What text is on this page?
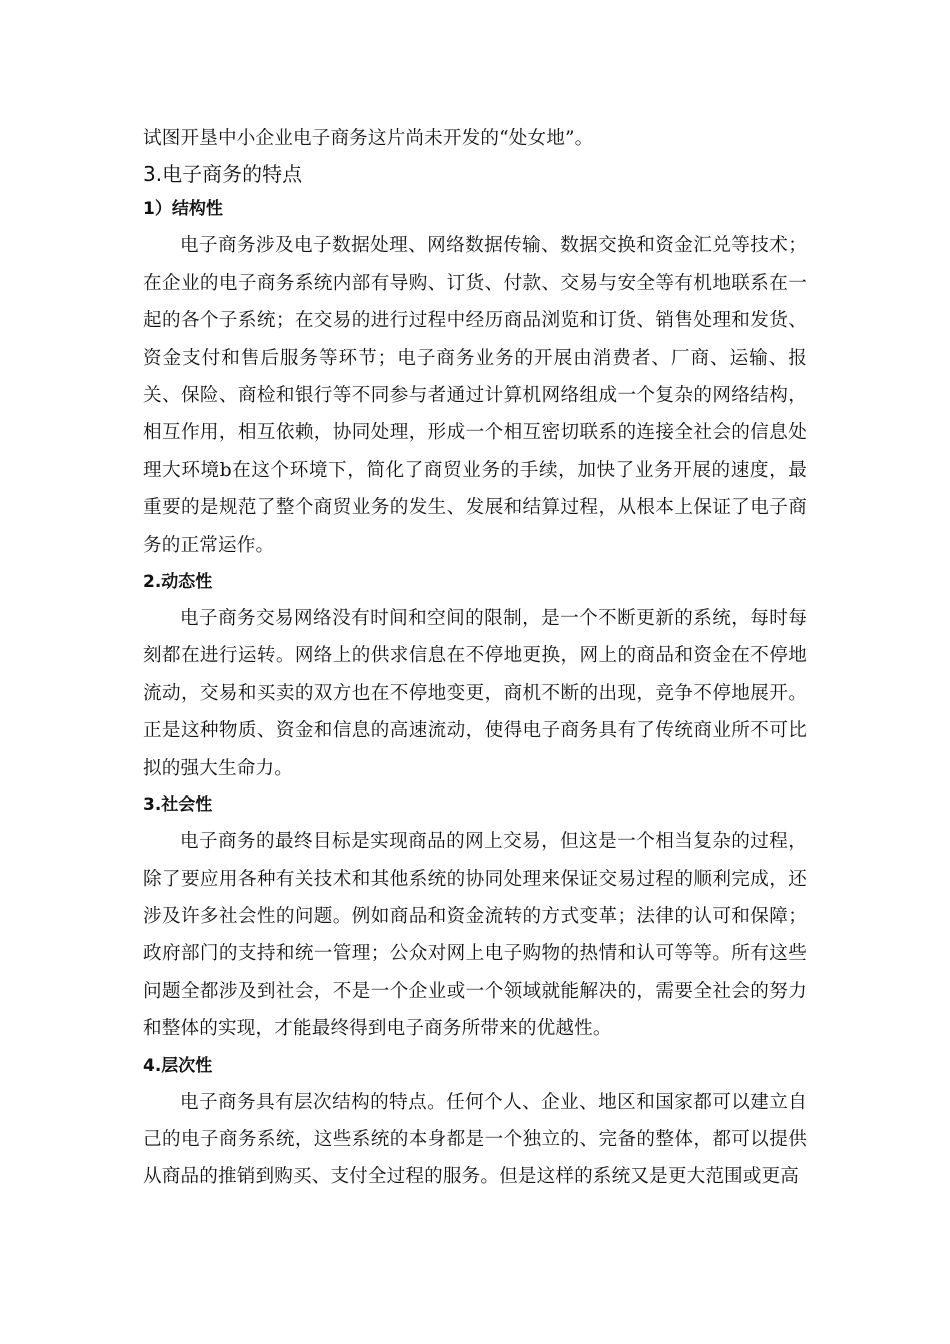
试图开垦中小企业电子商务这片尚未开发的“处女地”。

3.电子商务的特点
1）结构性

电子商务涉及电子数据处理、网络数据传输、数据交换和资金汇兑等技术；在企业的电子商务系统内部有导购、订货、付款、交易与安全等有机地联系在一起的各个子系统；在交易的进行过程中经历商品浏览和订货、销售处理和发货、资金支付和售后服务等环节；电子商务业务的开展由消费者、厂商、运输、报关、保险、商检和银行等不同参与者通过计算机网络组成一个复杂的网络结构，相互作用，相互依赖，协同处理，形成一个相互密切联系的连接全社会的信息处理大环境b在这个环境下，简化了商贸业务的手续，加快了业务开展的速度，最重要的是规范了整个商贸业务的发生、发展和结算过程，从根本上保证了电子商务的正常运作。

2.动态性

电子商务交易网络没有时间和空间的限制，是一个不断更新的系统，每时每刻都在进行运转。网络上的供求信息在不停地更换，网上的商品和资金在不停地流动，交易和买卖的双方也在不停地变更，商机不断的出现，竞争不停地展开。正是这种物质、资金和信息的高速流动，使得电子商务具有了传统商业所不可比拟的强大生命力。

3.社会性

电子商务的最终目标是实现商品的网上交易，但这是一个相当复杂的过程，除了要应用各种有关技术和其他系统的协同处理来保证交易过程的顺利完成，还涉及许多社会性的问题。例如商品和资金流转的方式变革；法律的认可和保障；政府部门的支持和统一管理；公众对网上电子购物的热情和认可等等。所有这些问题全都涉及到社会，不是一个企业或一个领域就能解决的，需要全社会的努力和整体的实现，才能最终得到电子商务所带来的优越性。

4.层次性

电子商务具有层次结构的特点。任何个人、企业、地区和国家都可以建立自己的电子商务系统，这些系统的本身都是一个独立的、完备的整体，都可以提供从商品的推销到购买、支付全过程的服务。但是这样的系统又是更大范围或更高
